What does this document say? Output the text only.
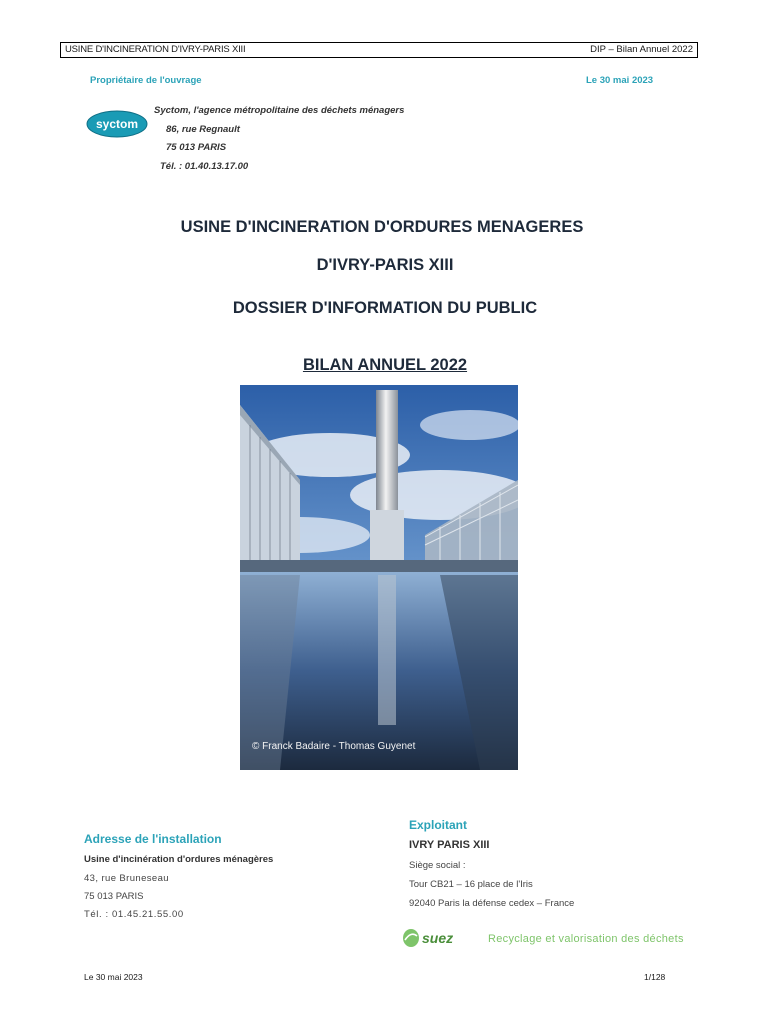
USINE D'INCINERATION D'IVRY-PARIS XIII	DIP – Bilan Annuel 2022
Propriétaire de l'ouvrage	Le 30 mai 2023
syctom
Syctom, l'agence métropolitaine des déchets ménagers
86, rue Regnault
75 013 PARIS
Tél. : 01.40.13.17.00
USINE D'INCINERATION D'ORDURES MENAGERES
D'IVRY-PARIS XIII
DOSSIER D'INFORMATION DU PUBLIC
BILAN ANNUEL 2022
© Franck Badaire - Thomas Guyenet
Adresse de l'installation
Usine d'incinération d'ordures ménagères
43, rue Bruneseau
75 013 PARIS
Tél. : 01.45.21.55.00
Exploitant
IVRY PARIS XIII
Siège social :
Tour CB21 – 16 place de l'Iris
92040 Paris la défense cedex – France
suez	Recyclage et valorisation des déchets
Le 30 mai 2023	1/128
